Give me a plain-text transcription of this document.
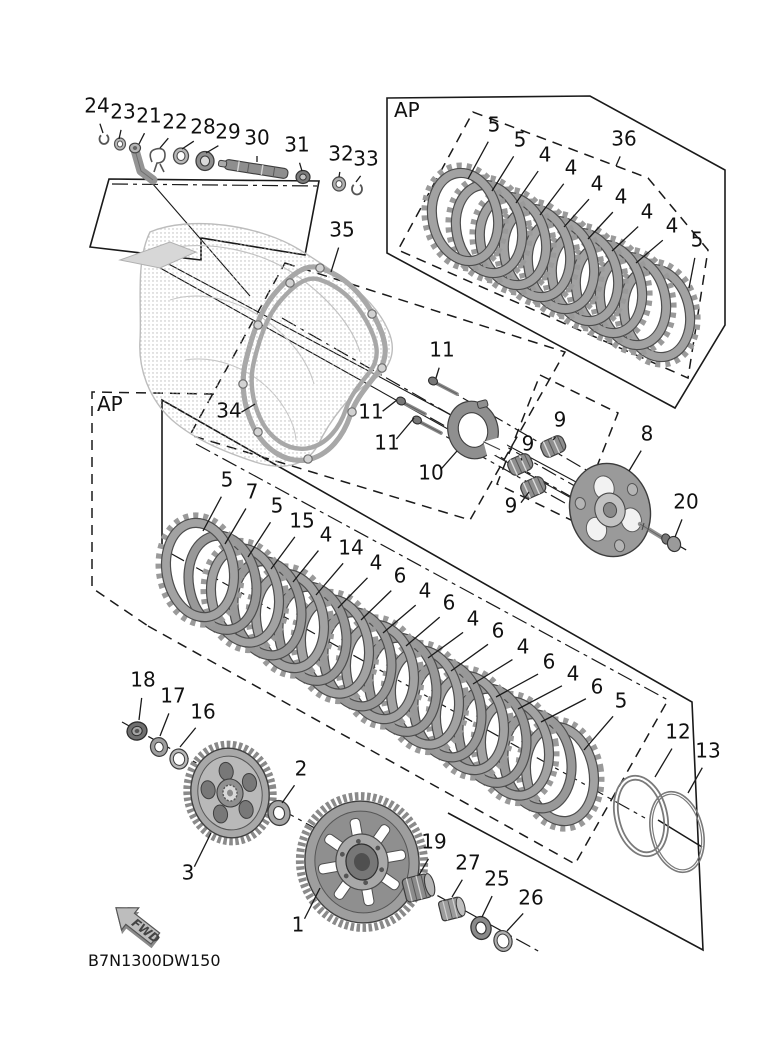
FWD
AP
AP
B7N1300DW150
24 23 21 22 28 29 30 31 32 33
35
36
5
5
4
4
4
4
4
4
5
11
11
11
10
9
9
9
8
20
34
5 7
5
15
4
14
4
6
4 6
4 6
4
6 4
6
5
18
17
16
3
2
1
19
27
25
26
12
13
